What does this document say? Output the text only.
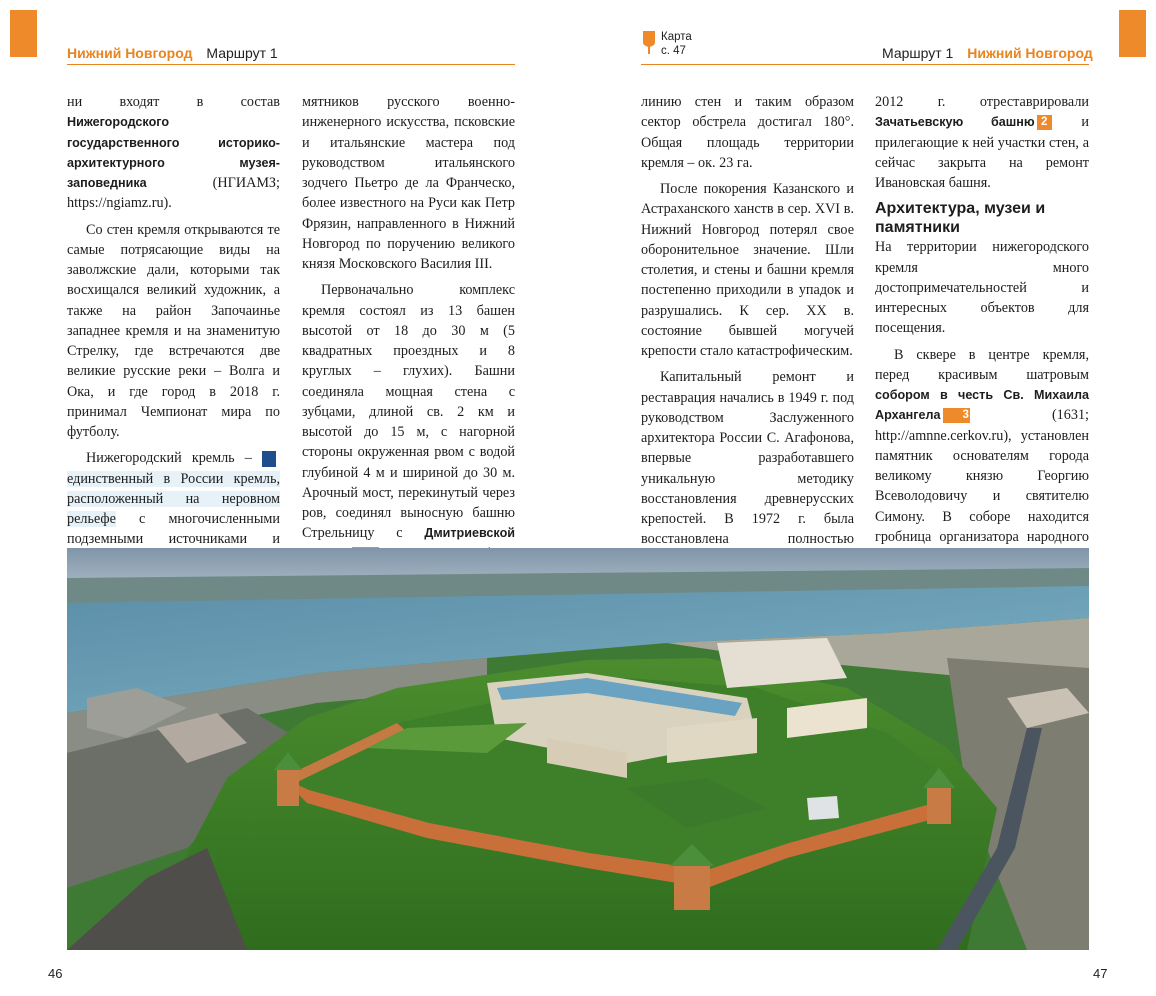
Нижний Новгород Маршрут 1
Карта
с. 47	Маршрут 1 Нижний Новгород

ни входят в состав Нижегородского государственного историко-архитектурного музея-заповедника (НГИАМЗ; https://ngiamz.ru).

Со стен кремля открываются те самые потрясающие виды на заволжские дали, которыми так восхищался великий художник, а также на район Започаинье западнее кремля и на знаменитую Стрелку, где встречаются две великие русские реки – Волга и Ока, и где город в 2018 г. принимал Чемпионат мира по футболу.

Нижегородский кремль – !единственный в России кремль, расположенный на неровном рельефе с многочисленными подземными источниками и

мятников русского военно-инженерного искусства, псковские и итальянские мастера под руководством итальянского зодчего Пьетро де ла Франческо, более известного на Руси как Петр Фрязин, направленного в Нижний Новгород по поручению великого князя Московского Василия III.

Первоначально комплекс кремля состоял из 13 башен высотой от 18 до 30 м (5 квадратных проездных и 8 круглых – глухих). Башни соединяла мощная стена с зубцами, длиной св. 2 км и высотой до 15 м, с нагорной стороны окруженная рвом с водой глубиной 4 м и шириной до 30 м. Арочный мост, перекинутый через ров, соединял выносную башню Стрельницу с Дмитриевской

линию стен и таким образом сектор обстрела достигал 180°. Общая площадь территории кремля – ок. 23 га.

После покорения Казанского и Астраханского ханств в сер. XVI в. Нижний Новгород потерял свое оборонительное значение. Шли столетия, и стены и башни кремля постепенно приходили в упадок и разрушались. К сер. XX в. состояние бывшей могучей крепости стало катастрофическим.

Капитальный ремонт и реставрация начались в 1949 г. под руководством Заслуженного архитектора России С. Агафонова, впервые разработавшего уникальную методику восстановления древнерусских крепостей. В 1972 г. была восстановлена полностью

2012 г. отреставрировали Зачатьевскую башню 2 и прилегающие к ней участки стен, а сейчас закрыта на ремонт Ивановская башня.

Архитектура, музеи и памятники

На территории нижегородского кремля много достопримечательностей и интересных объектов для посещения.

В сквере в центре кремля, перед красивым шатровым собором в честь Св. Михаила Архангела 3 (1631; http://amnne.cerkov.ru), установлен памятник основателям города великому князю Георгию Всеволодовичу и святителю Симону. В соборе находится гробница организатора народного

46	47
